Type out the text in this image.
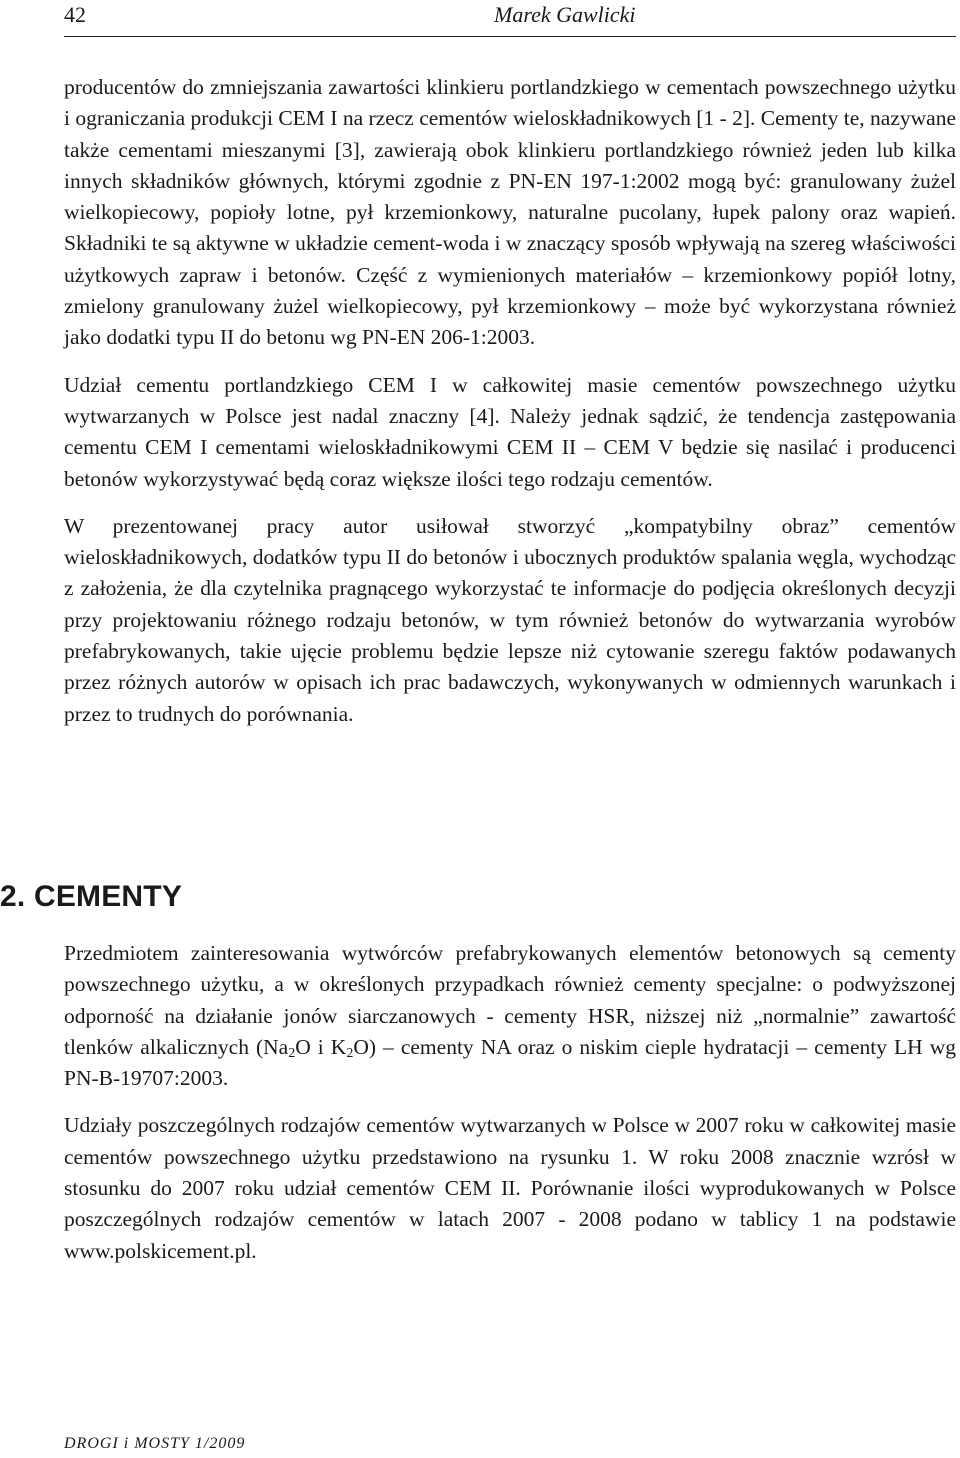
42	Marek Gawlicki

producentów do zmniejszania zawartości klinkieru portlandzkiego w cementach powszechnego użytku i ograniczania produkcji CEM I na rzecz cementów wieloskładnikowych [1 - 2]. Cementy te, nazywane także cementami mieszanymi [3], zawierają obok klinkieru portlandzkiego również jeden lub kilka innych składników głównych, którymi zgodnie z PN-EN 197-1:2002 mogą być: granulowany żużel wielkopiecowy, popioły lotne, pył krzemionkowy, naturalne pucolany, łupek palony oraz wapień. Składniki te są aktywne w układzie cement-woda i w znaczący sposób wpływają na szereg właściwości użytkowych zapraw i betonów. Część z wymienionych materiałów – krzemionkowy popiół lotny, zmielony granulowany żużel wielkopiecowy, pył krzemionkowy – może być wykorzystana również jako dodatki typu II do betonu wg PN-EN 206-1:2003.

Udział cementu portlandzkiego CEM I w całkowitej masie cementów powszechnego użytku wytwarzanych w Polsce jest nadal znaczny [4]. Należy jednak sądzić, że tendencja zastępowania cementu CEM I cementami wieloskładnikowymi CEM II – CEM V będzie się nasilać i producenci betonów wykorzystywać będą coraz większe ilości tego rodzaju cementów.

W prezentowanej pracy autor usiłował stworzyć „kompatybilny obraz” cementów wieloskładnikowych, dodatków typu II do betonów i ubocznych produktów spalania węgla, wychodząc z założenia, że dla czytelnika pragnącego wykorzystać te informacje do podjęcia określonych decyzji przy projektowaniu różnego rodzaju betonów, w tym również betonów do wytwarzania wyrobów prefabrykowanych, takie ujęcie problemu będzie lepsze niż cytowanie szeregu faktów podawanych przez różnych autorów w opisach ich prac badawczych, wykonywanych w odmiennych warunkach i przez to trudnych do porównania.

2. CEMENTY

Przedmiotem zainteresowania wytwórców prefabrykowanych elementów betonowych są cementy powszechnego użytku, a w określonych przypadkach również cementy specjalne: o podwyższonej odporność na działanie jonów siarczanowych - cementy HSR, niższej niż „normalnie” zawartość tlenków alkalicznych ($Na_2O$ i $K_2O$) – cementy NA oraz o niskim cieple hydratacji – cementy LH wg PN-B-19707:2003.

Udziały poszczególnych rodzajów cementów wytwarzanych w Polsce w 2007 roku w całkowitej masie cementów powszechnego użytku przedstawiono na rysunku 1. W roku 2008 znacznie wzrósł w stosunku do 2007 roku udział cementów CEM II. Porównanie ilości wyprodukowanych w Polsce poszczególnych rodzajów cementów w latach 2007 - 2008 podano w tablicy 1 na podstawie www.polskicement.pl.

DROGI i MOSTY 1/2009
